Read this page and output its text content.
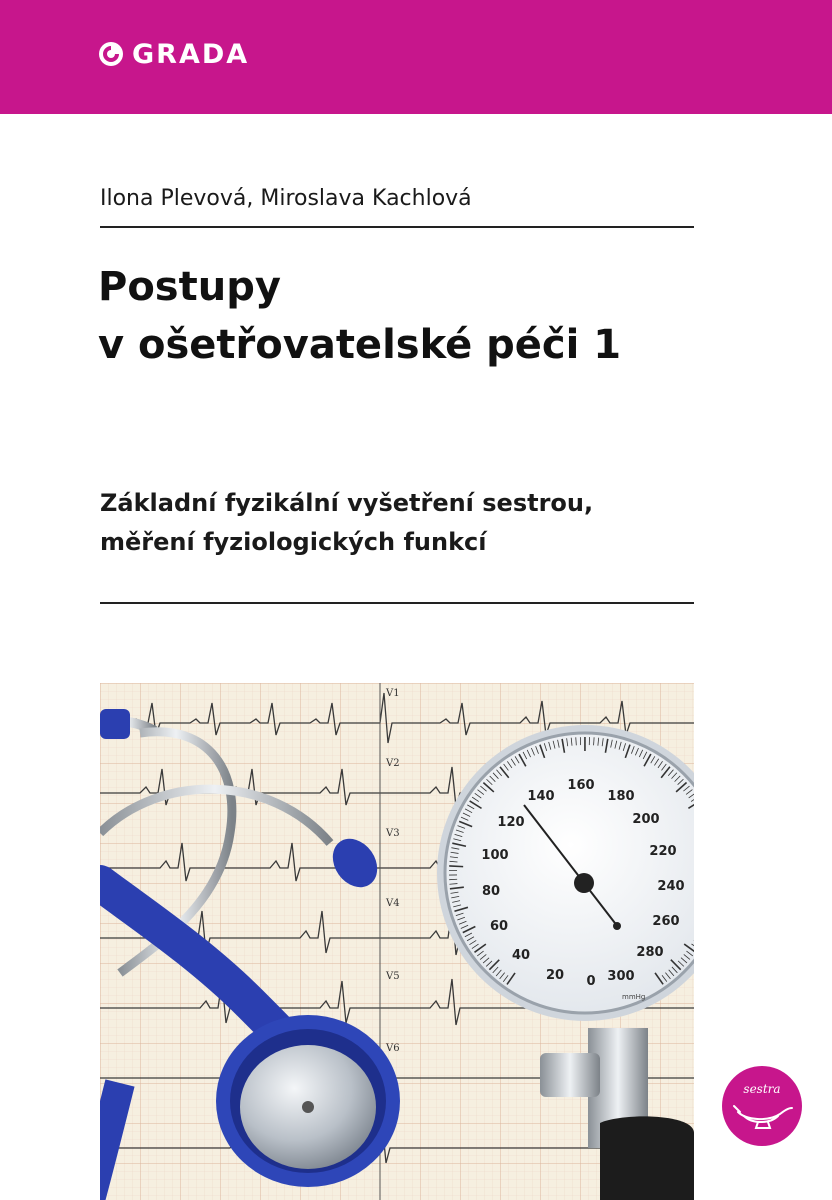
GRADA
Ilona Plevová, Miroslava Kachlová
Postupy
v ošetřovatelské péči 1
Základní fyzikální vyšetření sestrou,
měření fyziologických funkcí
V1
V2
V3
V4
V5
V6
20
40
60
80
100
120
140
160
180
200
220
240
260
280
300
0
mmHg
sestra
